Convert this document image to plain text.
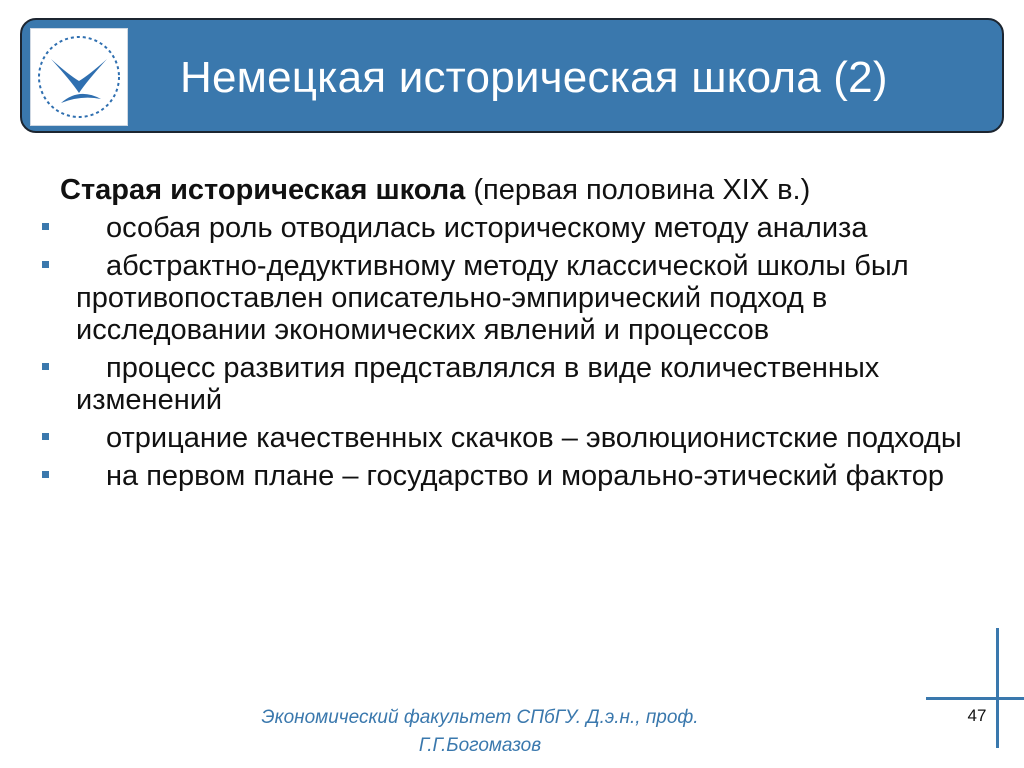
Немецкая историческая школа (2)
Старая историческая школа (первая половина XIX в.)
особая роль отводилась историческому методу анализа
абстрактно-дедуктивному методу классической школы был противопоставлен описательно-эмпирический подход в исследовании экономических явлений и процессов
процесс развития представлялся в виде количественных изменений
отрицание качественных скачков – эволюционистские подходы
на первом плане – государство и морально-этический фактор
Экономический факультет СПбГУ. Д.э.н., проф.
Г.Г.Богомазов
47
